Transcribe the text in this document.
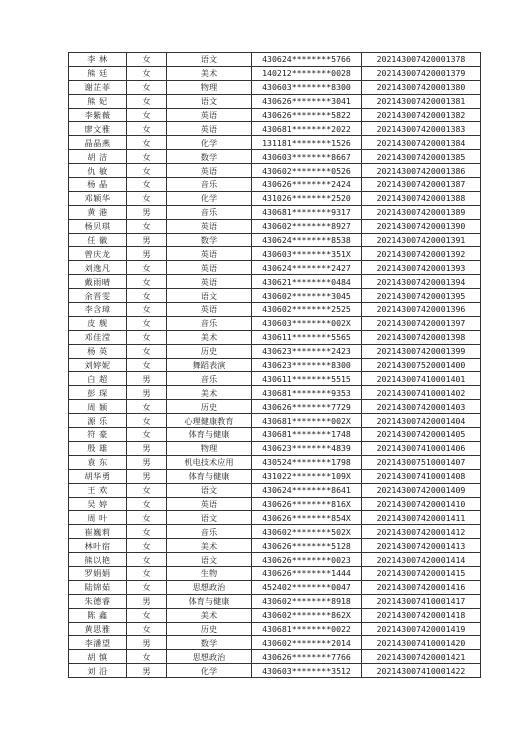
李 林	女	语文	430624********5766	202143007420001378
熊 廷	女	美术	140212********0028	202143007420001379
谢芷菲	女	物理	430603********8300	202143007420001380
熊 妃	女	语文	430626********3041	202143007420001381
李紫薇	女	英语	430626********5822	202143007420001382
廖文雅	女	英语	430681********2022	202143007420001383
晶晶燕	女	化学	131181********1526	202143007420001384
胡 洁	女	数学	430603********8667	202143007420001385
仇 敏	女	英语	430602********0526	202143007420001386
杨 晶	女	音乐	430626********2424	202143007420001387
邓颖华	女	化学	431026********2520	202143007420001388
黄 港	男	音乐	430681********9317	202143007420001389
杨贝琪	女	英语	430602********8927	202143007420001390
任 徽	男	数学	430624********8538	202143007420001391
曾庆龙	男	英语	430603********351X	202143007420001392
刘逸凡	女	英语	430624********2427	202143007420001393
戴雨晴	女	英语	430621********0484	202143007420001394
余晋雯	女	语文	430602********3045	202143007420001395
李含璋	女	英语	430602********2525	202143007420001396
皮 舰	女	音乐	430603********002X	202143007420001397
邓佳滢	女	美术	430611********5565	202143007420001398
杨 英	女	历史	430623********2423	202143007420001399
刘婷妮	女	舞蹈表演	430623********8300	202143007520001400
白 超	男	音乐	430611********5515	202143007410001401
彭 琛	男	美术	430681********9353	202143007410001402
周 颖	女	历史	430626********7729	202143007420001403
源 乐	女	心理健康教育	430681********002X	202143007420001404
符 豪	女	体育与健康	430681********1748	202143007420001405
殷 雄	男	物理	430623********4839	202143007410001406
袁 东	男	机电技术应用	430524********1798	202143007510001407
胡华勇	男	体育与健康	431022********109X	202143007410001408
王 欢	女	语文	430624********8641	202143007420001409
吴 婷	女	英语	430626********816X	202143007420001410
周 叶	女	语文	430626********854X	202143007420001411
崔巍莉	女	音乐	430602********502X	202143007420001412
林叶宿	女	美术	430626********5128	202143007420001413
熊以艳	女	语文	430626********0023	202143007420001414
罗娟娟	女	生物	430626********1444	202143007420001415
陆锦茹	女	思想政治	452402********0047	202143007420001416
朱德睿	男	体育与健康	430602********8918	202143007410001417
陈 鑫	女	美术	430602********862X	202143007420001418
黄思雅	女	历史	430681********0022	202143007420001419
李潘望	男	数学	430602********2014	202143007410001420
胡 慎	女	思想政治	430626********7766	202143007420001421
刘 沿	男	化学	430603********3512	202143007410001422
